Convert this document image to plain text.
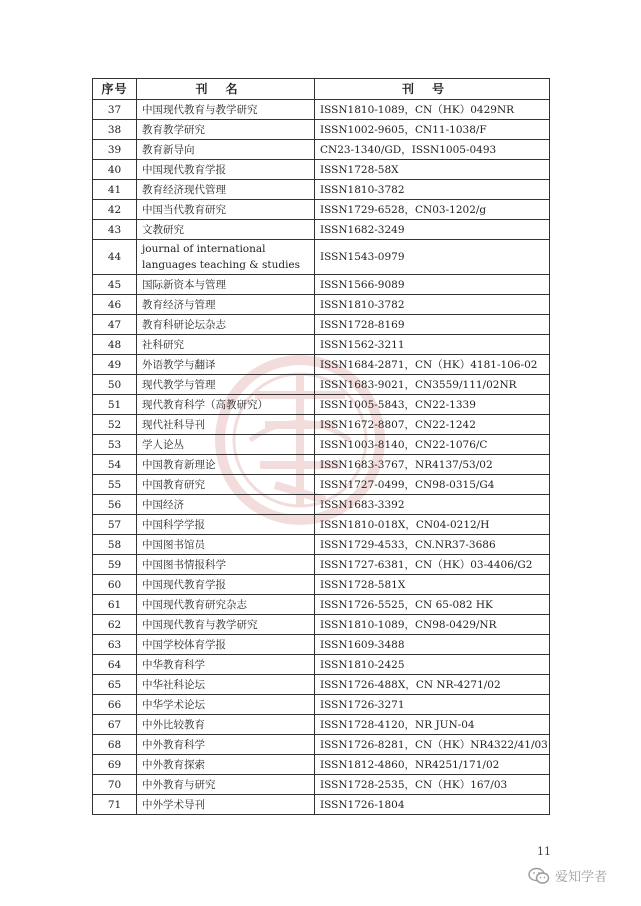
序号	刊名	刊号
37	中国现代教育与教学研究	ISSN1810-1089，CN（HK）0429NR
38	教育教学研究	ISSN1002-9605，CN11-1038/F
39	教育新导向	CN23-1340/GD，ISSN1005-0493
40	中国现代教育学报	ISSN1728-58X
41	教育经济现代管理	ISSN1810-3782
42	中国当代教育研究	ISSN1729-6528，CN03-1202/g
43	文教研究	ISSN1682-3249
44	journal of international languages teaching & studies	ISSN1543-0979
45	国际新资本与管理	ISSN1566-9089
46	教育经济与管理	ISSN1810-3782
47	教育科研论坛杂志	ISSN1728-8169
48	社科研究	ISSN1562-3211
49	外语教学与翻译	ISSN1684-2871，CN（HK）4181-106-02
50	现代教学与管理	ISSN1683-9021，CN3559/111/02NR
51	现代教育科学（高教研究）	ISSN1005-5843，CN22-1339
52	现代社科导刊	ISSN1672-8807，CN22-1242
53	学人论丛	ISSN1003-8140，CN22-1076/C
54	中国教育新理论	ISSN1683-3767，NR4137/53/02
55	中国教育研究	ISSN1727-0499，CN98-0315/G4
56	中国经济	ISSN1683-3392
57	中国科学学报	ISSN1810-018X，CN04-0212/H
58	中国图书馆员	ISSN1729-4533，CN.NR37-3686
59	中国图书情报科学	ISSN1727-6381，CN（HK）03-4406/G2
60	中国现代教育学报	ISSN1728-581X
61	中国现代教育研究杂志	ISSN1726-5525，CN 65-082 HK
62	中国现代教育与教学研究	ISSN1810-1089，CN98-0429/NR
63	中国学校体育学报	ISSN1609-3488
64	中华教育科学	ISSN1810-2425
65	中华社科论坛	ISSN1726-488X，CN NR-4271/02
66	中华学术论坛	ISSN1726-3271
67	中外比较教育	ISSN1728-4120，NR JUN-04
68	中外教育科学	ISSN1726-8281，CN（HK）NR4322/41/03
69	中外教育探索	ISSN1812-4860，NR4251/171/02
70	中外教育与研究	ISSN1728-2535，CN（HK）167/03
71	中外学术导刊	ISSN1726-1804
11
爱知学者
